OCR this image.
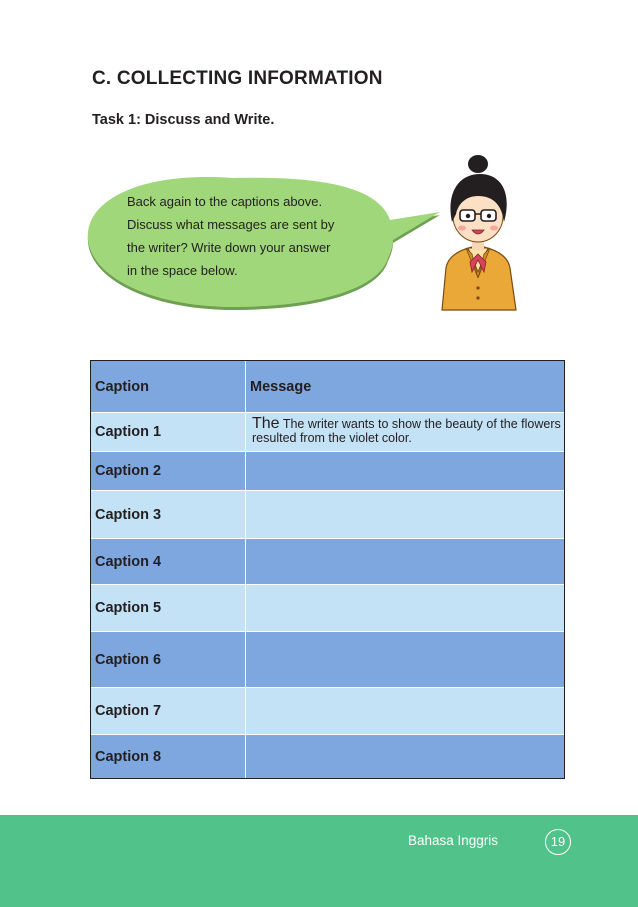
C. COLLECTING INFORMATION
Task 1: Discuss and Write.
Back again to the captions above.
Discuss what messages are sent by
the writer? Write down your answer
in the space below.
Caption	Message
Caption 1	The The writer wants to show the beauty of the flowers resulted from the violet color.
Caption 2	
Caption 3	
Caption 4	
Caption 5	
Caption 6	
Caption 7	
Caption 8	
Bahasa Inggris	19
